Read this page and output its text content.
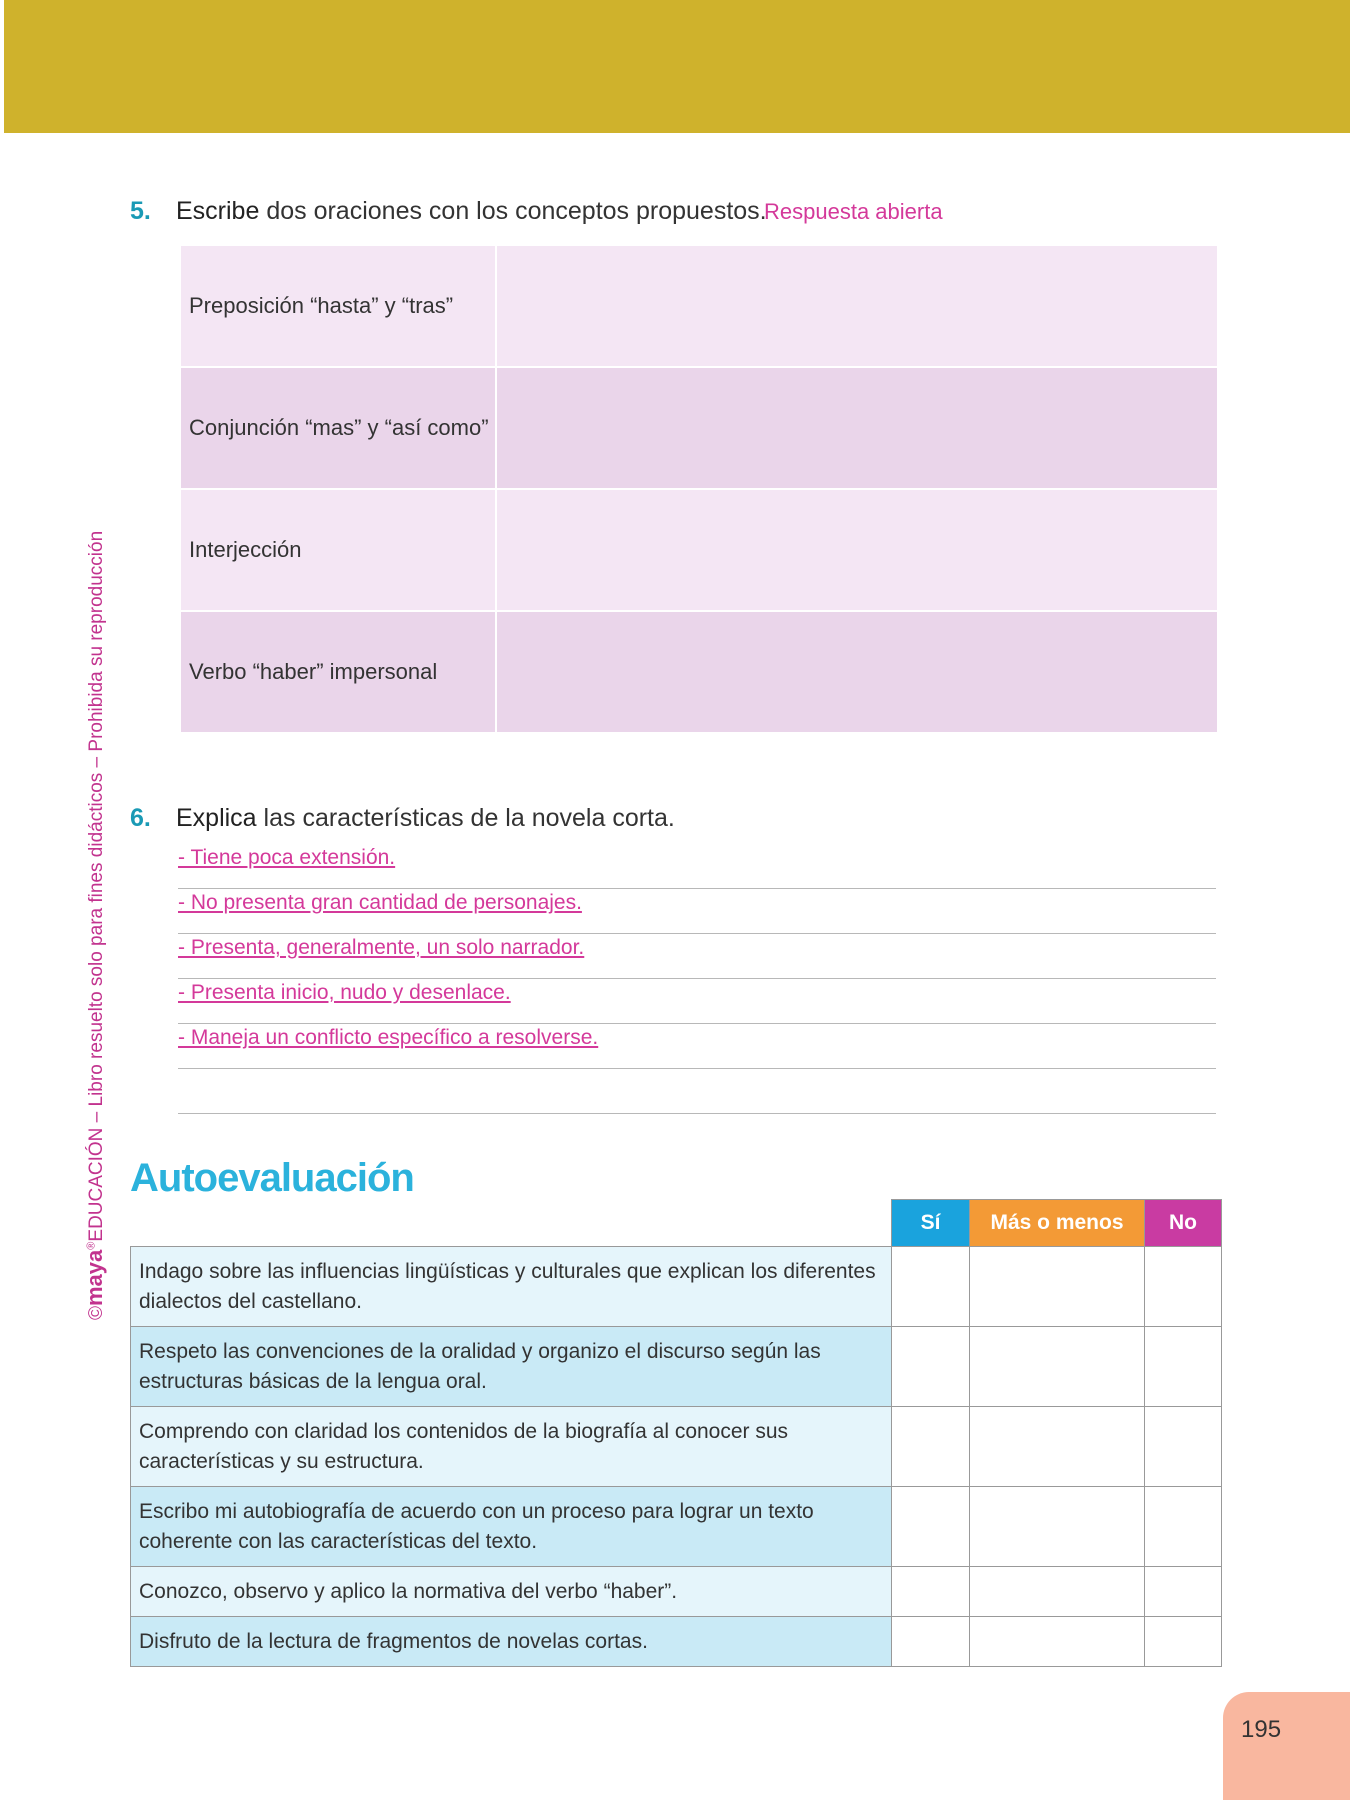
©maya®EDUCACIÓN – Libro resuelto solo para fines didácticos – Prohibida su reproducción
5. Escribe dos oraciones con los conceptos propuestos.
Respuesta abierta
Preposición “hasta” y “tras”	
Conjunción “mas” y “así como”	
Interjección	
Verbo “haber” impersonal	
6. Explica las características de la novela corta.
- Tiene poca extensión.
- No presenta gran cantidad de personajes.
- Presenta, generalmente, un solo narrador.
- Presenta inicio, nudo y desenlace.
- Maneja un conflicto específico a resolverse.
Autoevaluación
	Sí	Más o menos	No
Indago sobre las influencias lingüísticas y culturales que explican los diferentes dialectos del castellano.			
Respeto las convenciones de la oralidad y organizo el discurso según las estructuras básicas de la lengua oral.			
Comprendo con claridad los contenidos de la biografía al conocer sus características y su estructura.			
Escribo mi autobiografía de acuerdo con un proceso para lograr un texto coherente con las características del texto.			
Conozco, observo y aplico la normativa del verbo “haber”.			
Disfruto de la lectura de fragmentos de novelas cortas.			
195
